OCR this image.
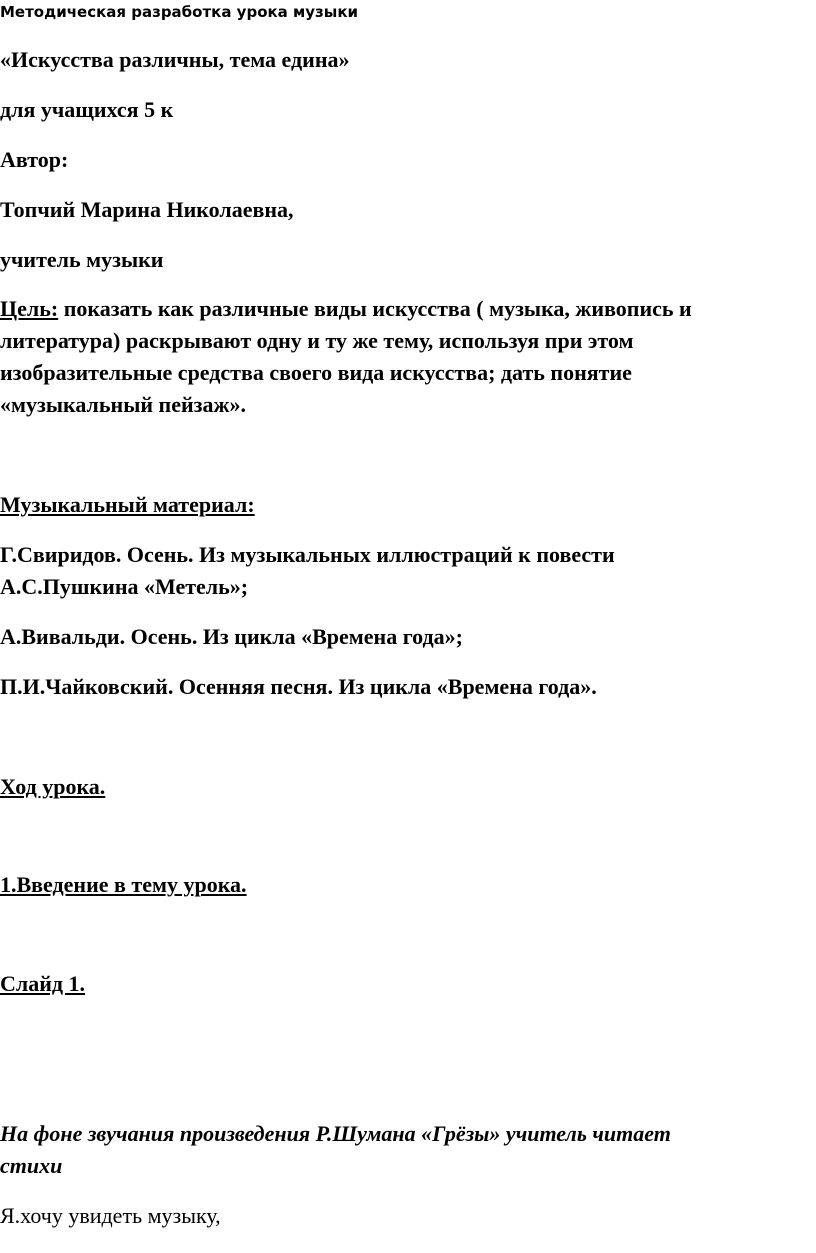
Методическая разработка урока музыки
«Искусства различны, тема едина»
для учащихся 5 к
Автор:
Топчий Марина Николаевна,
учитель музыки
Цель: показать как различные виды искусства ( музыка, живопись и
литература) раскрывают одну и ту же тему, используя при этом
изобразительные средства своего вида искусства; дать понятие
«музыкальный пейзаж».
Музыкальный материал:
Г.Свиридов. Осень. Из музыкальных иллюстраций к повести
А.С.Пушкина «Метель»;
А.Вивальди. Осень. Из цикла «Времена года»;
П.И.Чайковский. Осенняя песня. Из цикла «Времена года».
Ход урока.
1.Введение в тему урока.
Слайд 1.
На фоне звучания произведения Р.Шумана «Грёзы» учитель читает
стихи
Я.хочу увидеть музыку,
